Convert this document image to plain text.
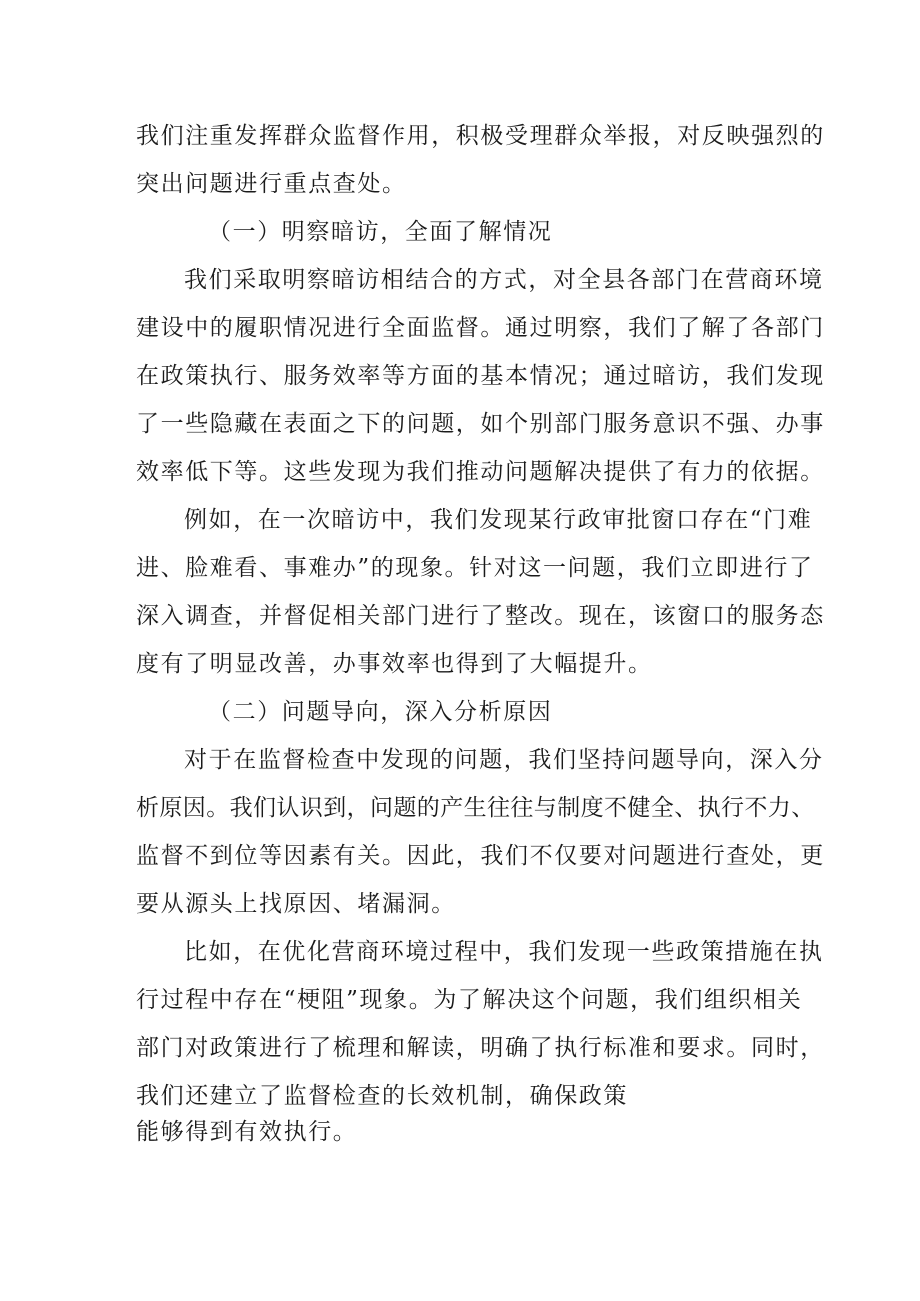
我们注重发挥群众监督作用，积极受理群众举报，对反映强烈的
突出问题进行重点查处。
（一）明察暗访，全面了解情况
我们采取明察暗访相结合的方式，对全县各部门在营商环境
建设中的履职情况进行全面监督。通过明察，我们了解了各部门
在政策执行、服务效率等方面的基本情况；通过暗访，我们发现
了一些隐藏在表面之下的问题，如个别部门服务意识不强、办事
效率低下等。这些发现为我们推动问题解决提供了有力的依据。
例如，在一次暗访中，我们发现某行政审批窗口存在“门难
进、脸难看、事难办”的现象。针对这一问题，我们立即进行了
深入调查，并督促相关部门进行了整改。现在，该窗口的服务态
度有了明显改善，办事效率也得到了大幅提升。
（二）问题导向，深入分析原因
对于在监督检查中发现的问题，我们坚持问题导向，深入分
析原因。我们认识到，问题的产生往往与制度不健全、执行不力、
监督不到位等因素有关。因此，我们不仅要对问题进行查处，更
要从源头上找原因、堵漏洞。
比如，在优化营商环境过程中，我们发现一些政策措施在执
行过程中存在“梗阻”现象。为了解决这个问题，我们组织相关
部门对政策进行了梳理和解读，明确了执行标准和要求。同时，
我们还建立了监督检查的长效机制，确保政策
能够得到有效执行。
